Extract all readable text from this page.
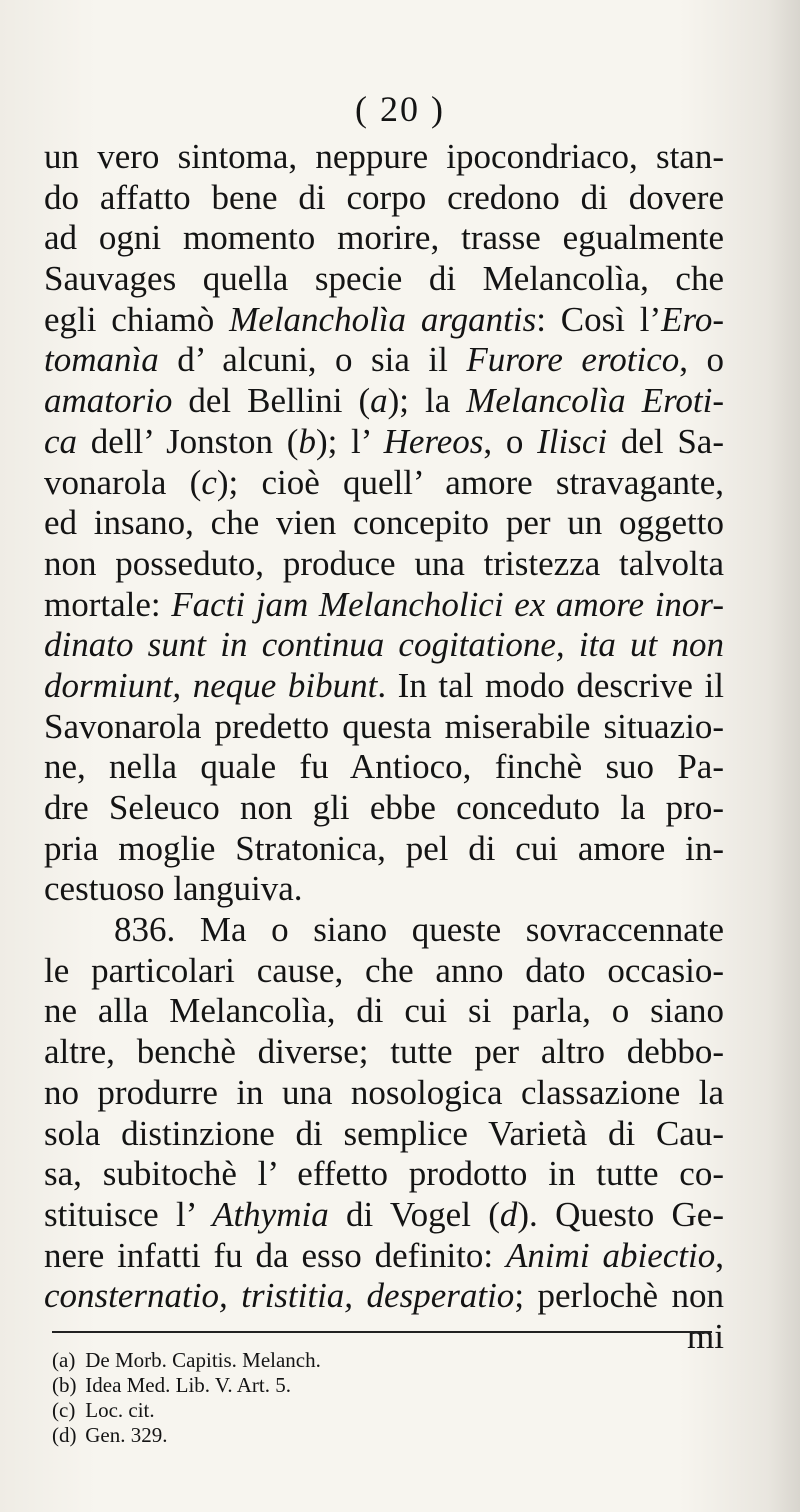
( 20 )
un vero sintoma, neppure ipocondriaco, stan-
do affatto bene di corpo credono di dovere
ad ogni momento morire, trasse egualmente
Sauvages quella specie di Melancolìa, che
egli chiamò Melancholìa argantis: Così l’Ero-
tomanìa d’ alcuni, o sia il Furore erotico, o
amatorio del Bellini (a); la Melancolìa Eroti-
ca dell’ Jonston (b); l’ Hereos, o Ilisci del Sa-
vonarola (c); cioè quell’ amore stravagante,
ed insano, che vien concepito per un oggetto
non posseduto, produce una tristezza talvolta
mortale: Facti jam Melancholici ex amore inor-
dinato sunt in continua cogitatione, ita ut non
dormiunt, neque bibunt. In tal modo descrive il
Savonarola predetto questa miserabile situazio-
ne, nella quale fu Antioco, finchè suo Pa-
dre Seleuco non gli ebbe conceduto la pro-
pria moglie Stratonica, pel di cui amore in-
cestuoso languiva.
836. Ma o siano queste sovraccennate
le particolari cause, che anno dato occasio-
ne alla Melancolìa, di cui si parla, o siano
altre, benchè diverse; tutte per altro debbo-
no produrre in una nosologica classazione la
sola distinzione di semplice Varietà di Cau-
sa, subitochè l’ effetto prodotto in tutte co-
stituisce l’ Athymia di Vogel (d). Questo Ge-
nere infatti fu da esso definito: Animi abiectio,
consternatio, tristitia, desperatio; perlochè non
mi
(a) De Morb. Capitis. Melanch.
(b) Idea Med. Lib. V. Art. 5.
(c) Loc. cit.
(d) Gen. 329.
